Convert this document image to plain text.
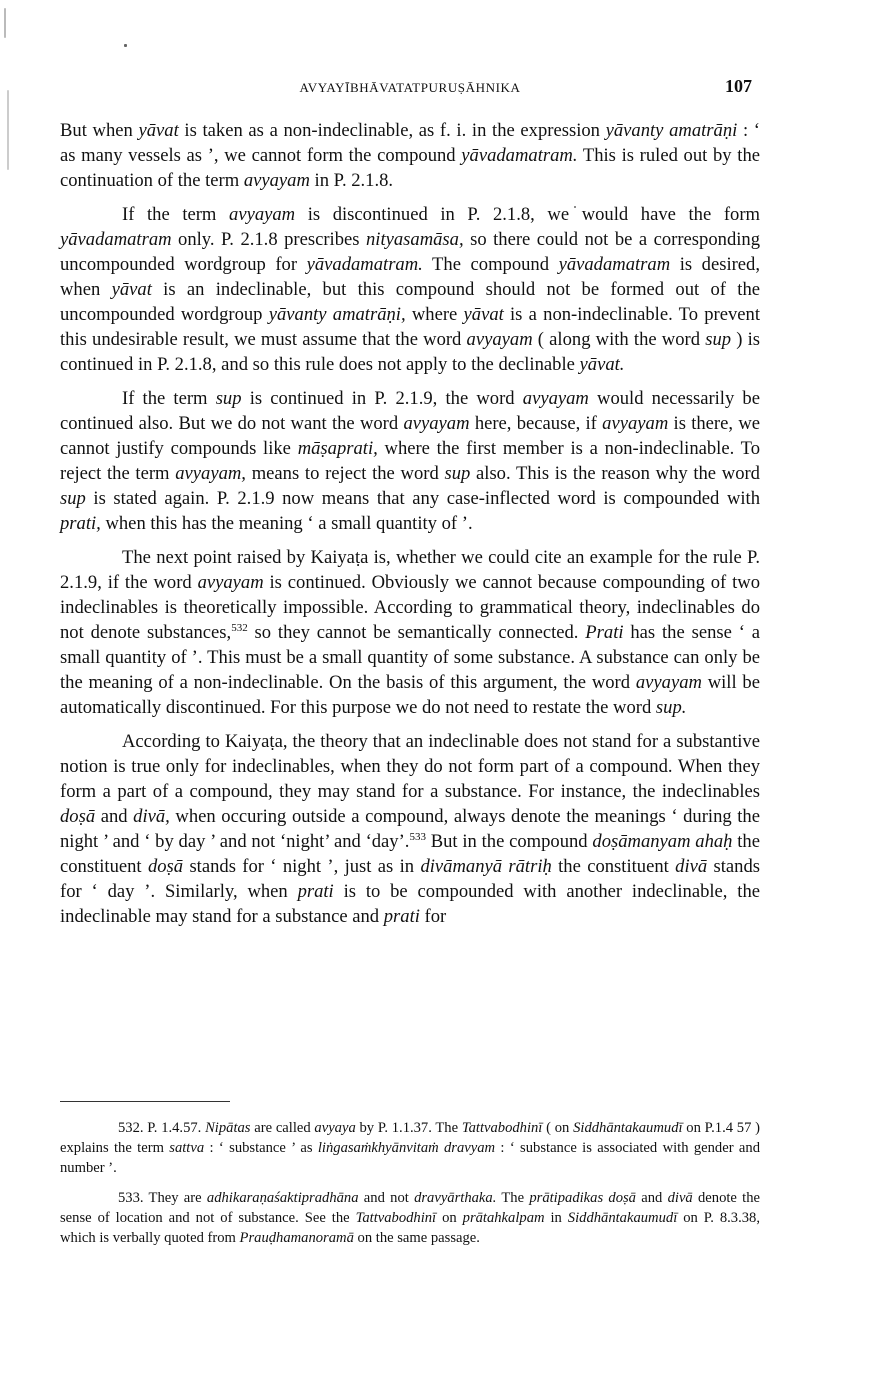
AVYAYĪBHĀVATATPURUṢĀHNIKA	107

But when yāvat is taken as a non-indeclinable, as f. i. in the expression yāvanty amatrāṇi : ‘ as many vessels as ’, we cannot form the compound yāvadamatram. This is ruled out by the continuation of the term avyayam in P. 2.1.8.

If the term avyayam is discontinued in P. 2.1.8, we would have the form yāvadamatram only. P. 2.1.8 prescribes nityasamāsa, so there could not be a corresponding uncompounded wordgroup for yāvadamatram. The compound yāvadamatram is desired, when yāvat is an indeclinable, but this compound should not be formed out of the uncompounded wordgroup yāvanty amatrāṇi, where yāvat is a non-indeclinable. To prevent this undesirable result, we must assume that the word avyayam ( along with the word sup ) is continued in P. 2.1.8, and so this rule does not apply to the declinable yāvat.

If the term sup is continued in P. 2.1.9, the word avyayam would necessarily be continued also. But we do not want the word avyayam here, because, if avyayam is there, we cannot justify compounds like māṣaprati, where the first member is a non-indeclinable. To reject the term avyayam, means to reject the word sup also. This is the reason why the word sup is stated again. P. 2.1.9 now means that any case-inflected word is compounded with prati, when this has the meaning ‘ a small quantity of ’.

The next point raised by Kaiyaṭa is, whether we could cite an example for the rule P. 2.1.9, if the word avyayam is continued. Obviously we cannot because compounding of two indeclinables is theoretically impossible. According to grammatical theory, indeclinables do not denote substances,$^{532}$ so they cannot be semantically connected. Prati has the sense ‘ a small quantity of ’. This must be a small quantity of some substance. A substance can only be the meaning of a non-indeclinable. On the basis of this argument, the word avyayam will be automatically discontinued. For this purpose we do not need to restate the word sup.

According to Kaiyaṭa, the theory that an indeclinable does not stand for a substantive notion is true only for indeclinables, when they do not form part of a compound. When they form a part of a compound, they may stand for a substance. For instance, the indeclinables doṣā and divā, when occuring outside a compound, always denote the meanings ‘ during the night ’ and ‘ by day ’ and not ‘night’ and ‘day’.$^{533}$ But in the compound doṣāmanyam ahaḥ the constituent doṣā stands for ‘ night ’, just as in divāmanyā rātriḥ the constituent divā stands for ‘ day ’. Similarly, when prati is to be compounded with another indeclinable, the indeclinable may stand for a substance and prati for

532. P. 1.4.57. Nipātas are called avyaya by P. 1.1.37. The Tattvabodhinī ( on Siddhāntakaumudī on P.1.4 57 ) explains the term sattva : ‘ substance ’ as liṅgasaṁkhyānvitaṁ dravyam : ‘ substance is associated with gender and number ’.

533. They are adhikaraṇaśaktipradhāna and not dravyārthaka. The prātipadikas doṣā and divā denote the sense of location and not of substance. See the Tattvabodhinī on prātahkalpam in Siddhāntakaumudī on P. 8.3.38, which is verbally quoted from Prauḍhamanoramā on the same passage.
